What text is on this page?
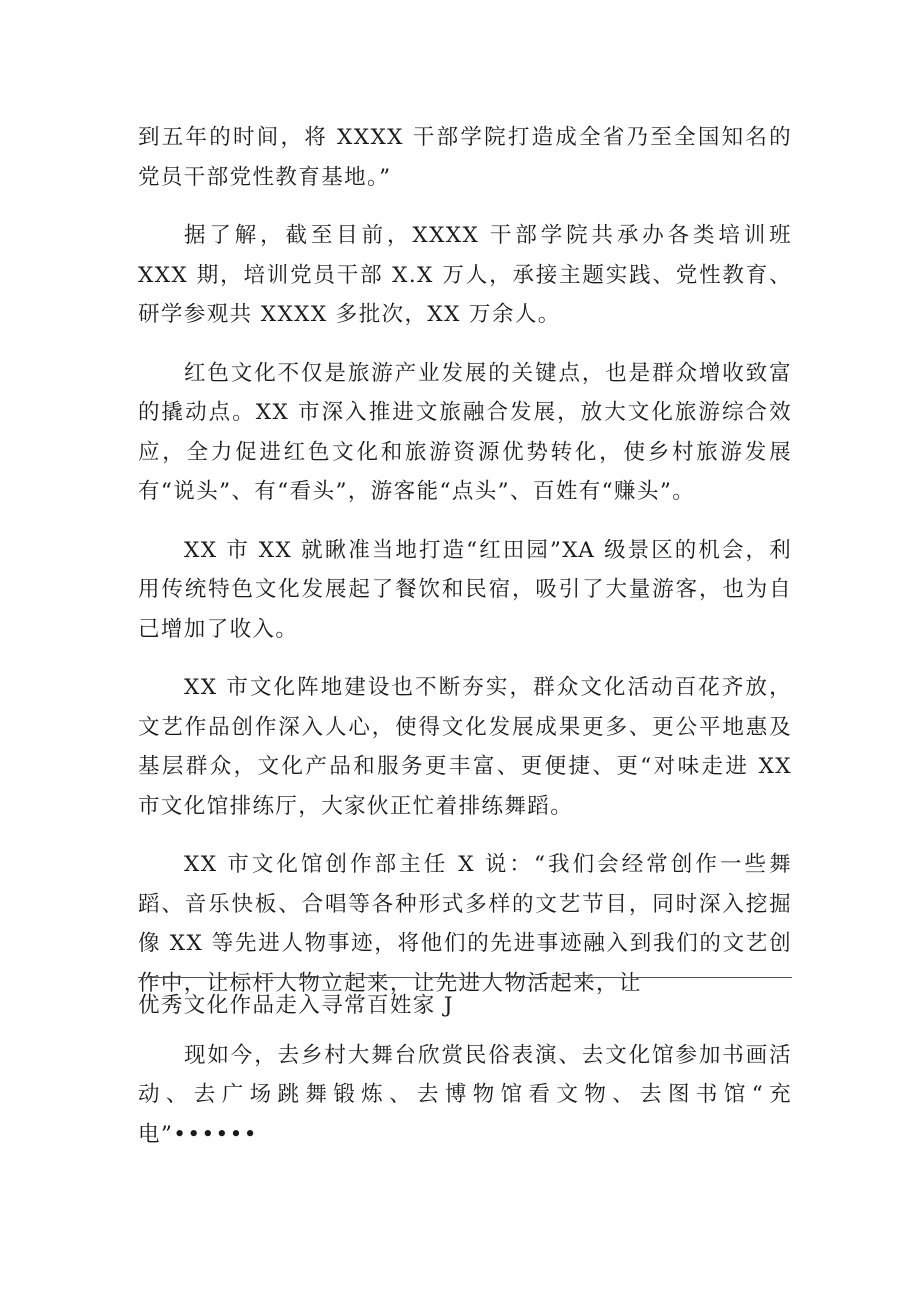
到五年的时间，将 XXXX 干部学院打造成全省乃至全国知名的党员干部党性教育基地。”

据了解，截至目前，XXXX 干部学院共承办各类培训班 XXX 期，培训党员干部 X.X 万人，承接主题实践、党性教育、研学参观共 XXXX 多批次，XX 万余人。

红色文化不仅是旅游产业发展的关键点，也是群众增收致富的撬动点。XX 市深入推进文旅融合发展，放大文化旅游综合效应，全力促进红色文化和旅游资源优势转化，使乡村旅游发展有“说头”、有“看头”，游客能“点头”、百姓有“赚头”。

XX 市 XX 就瞅准当地打造“红田园”XA 级景区的机会，利用传统特色文化发展起了餐饮和民宿，吸引了大量游客，也为自己增加了收入。

XX 市文化阵地建设也不断夯实，群众文化活动百花齐放，文艺作品创作深入人心，使得文化发展成果更多、更公平地惠及基层群众，文化产品和服务更丰富、更便捷、更“对味走进 XX 市文化馆排练厅，大家伙正忙着排练舞蹈。

XX 市文化馆创作部主任 X 说：“我们会经常创作一些舞蹈、音乐快板、合唱等各种形式多样的文艺节目，同时深入挖掘像 XX 等先进人物事迹，将他们的先进事迹融入到我们的文艺创作中，让标杆人物立起来，让先进人物活起来，让

优秀文化作品走入寻常百姓家 J

现如今，去乡村大舞台欣赏民俗表演、去文化馆参加书画活动、去广场跳舞锻炼、去博物馆看文物、去图书馆“充电”••••••
